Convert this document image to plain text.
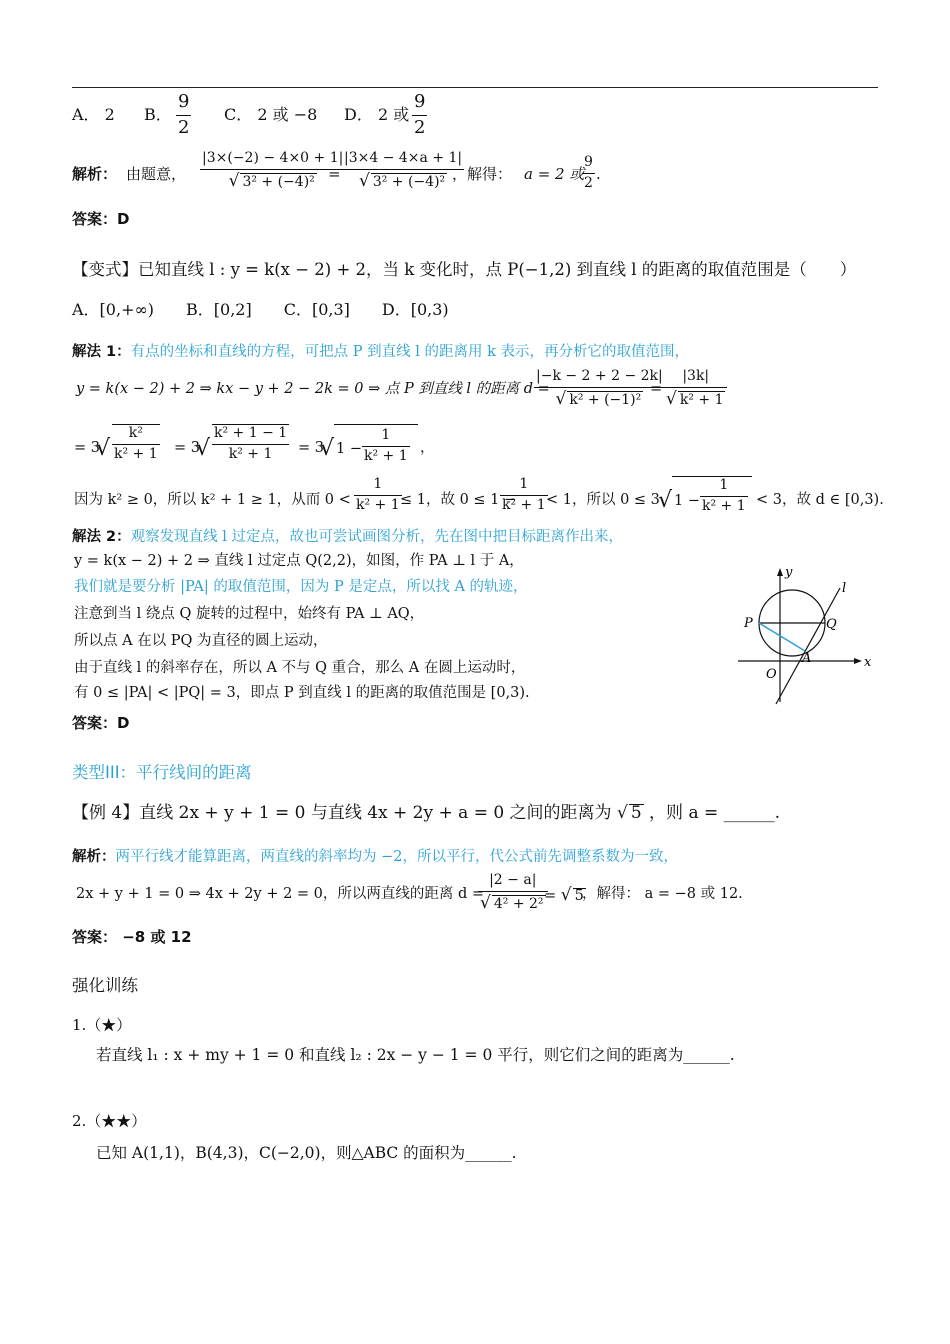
A． 2 B． $\frac{9}{2}$ C． 2 或 −8 D． 2 或 $\frac{9}{2}$
解析： 由题意， $\frac{|3\times(-2) - 4\times 0 + 1|}{\text{√ 3² + (−4)²}}$
= $\frac{|3\times 4 - 4\times a + 1|}{\text{√ 3² + (−4)²}}$
，解得： a = 2 或
$\frac{9}{2}$ .
答案：D
【变式】已知直线 l : y = k(x − 2) + 2，当 k 变化时，点 P(−1,2) 到直线 l 的距离的取值范围是（　　）
A．[0,+∞)　　B．[0,2]　　C．[0,3]　　D．[0,3)
解法 1：有点的坐标和直线的方程，可把点 P 到直线 l 的距离用 k 表示，再分析它的取值范围，
y = k(x − 2) + 2 ⇒ kx − y + 2 − 2k = 0 ⇒ 点 P 到直线 l 的距离 d =
$\frac{|-k - 2 + 2 - 2k|}{\text{√ k² + (−1)²}}$
= $\frac{|3k|}{\text{√ k² + 1}}$
= 3
√ $\frac{\text{k²}}{\text{k² + 1}} = 3$
√ $\frac{\text{k² + 1 − 1}}{\text{k² + 1}} = 3$
√ $1 - \frac{1}{\text{k² + 1}}$ ，
因为 k² ≥ 0，所以 k² + 1 ≥ 1，从而 $0 < \frac{1}{\text{k² + 1}}$
≤ 1，故 0 ≤ 1 −
$\frac{1}{\text{k² + 1}}$
< 1，所以 0 ≤ 3
√ $1 - \frac{1}{\text{k² + 1}} < 3$，故 d ∈ [0,3).
解法 2：观察发现直线 l 过定点，故也可尝试画图分析，先在图中把目标距离作出来，
y = k(x − 2) + 2 ⇒ 直线 l 过定点 Q(2,2)，如图，作 PA ⊥ l 于 A，
我们就是要分析 |PA| 的取值范围，因为 P 是定点，所以找 A 的轨迹，
注意到当 l 绕点 Q 旋转的过程中，始终有 PA ⊥ AQ，
所以点 A 在以 PQ 为直径的圆上运动，
由于直线 l 的斜率存在，所以 A 不与 Q 重合，那么 A 在圆上运动时，
有 0 ≤ |PA| < |PQ| = 3，即点 P 到直线 l 的距离的取值范围是 [0,3).
y
l
P	Q
A
O
x
答案：D
类型III：平行线间的距离
【例 4】直线 2x + y + 1 = 0 与直线 4x + 2y + a = 0 之间的距离为 √ 5 ，则 a = ______.
解析：两平行线才能算距离，两直线的斜率均为 −2，所以平行，代公式前先调整系数为一致，
2x + y + 1 = 0 ⇒ 4x + 2y + 2 = 0，所以两直线的距离 d =
$\frac{|2 - a|}{\text{√ 4² + 2²}}$
= √ 5
，解得： a = −8 或 12.
答案： −8 或 12
强化训练
1.（★）
若直线 l₁ : x + my + 1 = 0 和直线 l₂ : 2x − y − 1 = 0 平行，则它们之间的距离为______.
2.（★★）
已知 A(1,1)，B(4,3)，C(−2,0)，则△ABC 的面积为______.
